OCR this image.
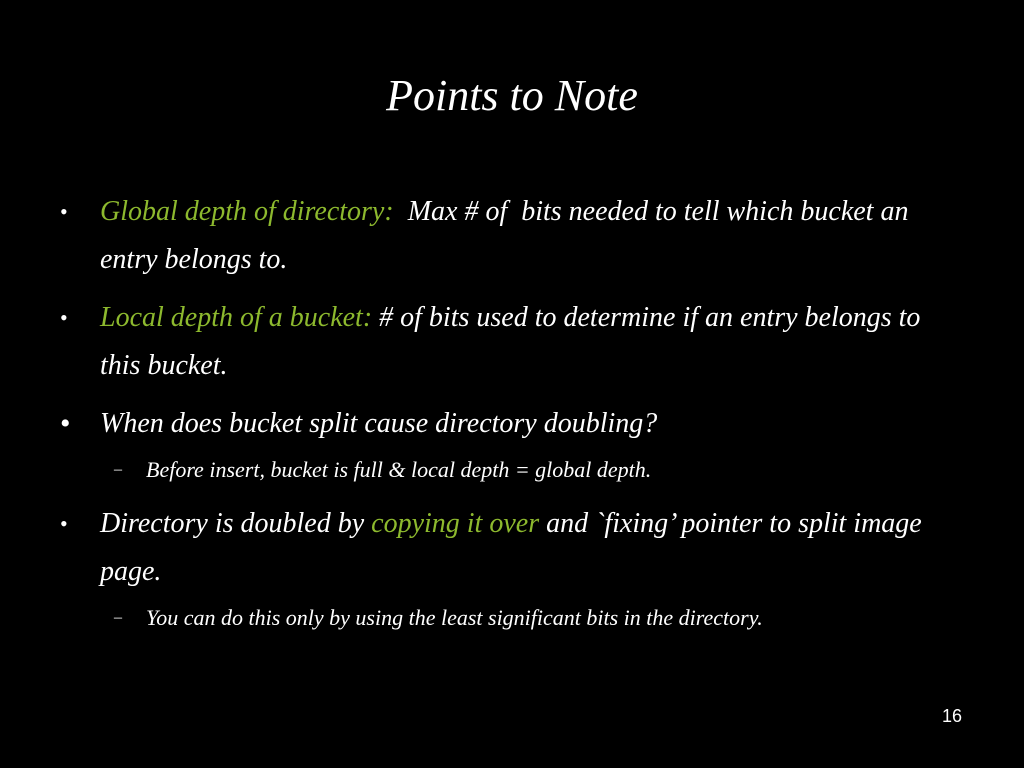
Points to Note
• Global depth of directory:  Max # of  bits needed to tell which bucket an entry belongs to.
• Local depth of a bucket: # of bits used to determine if an entry belongs to this bucket.
• When does bucket split cause directory doubling?
– Before insert, bucket is full & local depth = global depth.
• Directory is doubled by copying it over and `fixing’ pointer to split image page.
– You can do this only by using the least significant bits in the directory.
16
